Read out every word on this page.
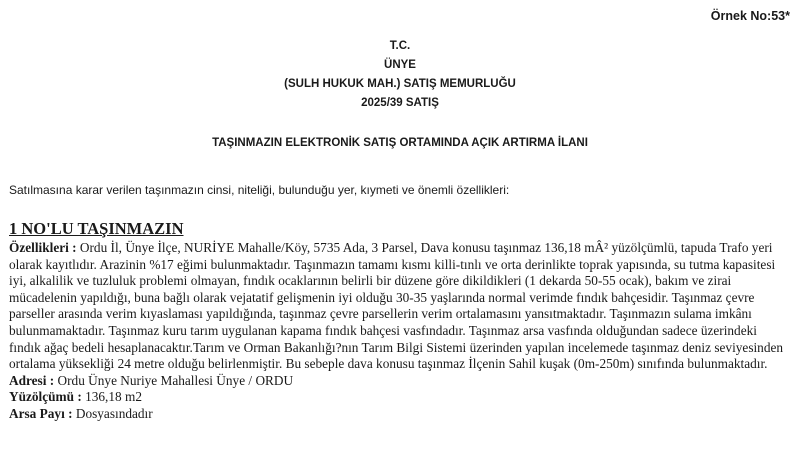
Örnek No:53*
T.C.
ÜNYE
(SULH HUKUK MAH.) SATIŞ MEMURLUĞU
2025/39 SATIŞ
TAŞINMAZIN ELEKTRONİK SATIŞ ORTAMINDA AÇIK ARTIRMA İLANI
Satılmasına karar verilen taşınmazın cinsi, niteliği, bulunduğu yer, kıymeti ve önemli özellikleri:
1 NO'LU TAŞINMAZIN

Özellikleri : Ordu İl, Ünye İlçe, NURİYE Mahalle/Köy, 5735 Ada, 3 Parsel, Dava konusu taşınmaz 136,18 mÂ² yüzölçümlü, tapuda Trafo yeri olarak kayıtlıdır. Arazinin %17 eğimi bulunmaktadır. Taşınmazın tamamı kısmı killi-tınlı ve orta derinlikte toprak yapısında, su tutma kapasitesi iyi, alkalilik ve tuzluluk problemi olmayan, fındık ocaklarının belirli bir düzene göre dikildikleri (1 dekarda 50-55 ocak), bakım ve zirai mücadelenin yapıldığı, buna bağlı olarak vejatatif gelişmenin iyi olduğu 30-35 yaşlarında normal verimde fındık bahçesidir. Taşınmaz çevre parseller arasında verim kıyaslaması yapıldığında, taşınmaz çevre parsellerin verim ortalamasını yansıtmaktadır. Taşınmazın sulama imkânı bulunmamaktadır. Taşınmaz kuru tarım uygulanan kapama fındık bahçesi vasfındadır. Taşınmaz arsa vasfında olduğundan sadece üzerindeki fındık ağaç bedeli hesaplanacaktır.Tarım ve Orman Bakanlığı?nın Tarım Bilgi Sistemi üzerinden yapılan incelemede taşınmaz deniz seviyesinden ortalama yüksekliği 24 metre olduğu belirlenmiştir. Bu sebeple dava konusu taşınmaz İlçenin Sahil kuşak (0m-250m) sınıfında bulunmaktadır.

Adresi : Ordu Ünye Nuriye Mahallesi Ünye / ORDU

Yüzölçümü : 136,18 m2

Arsa Payı : Dosyasındadır
